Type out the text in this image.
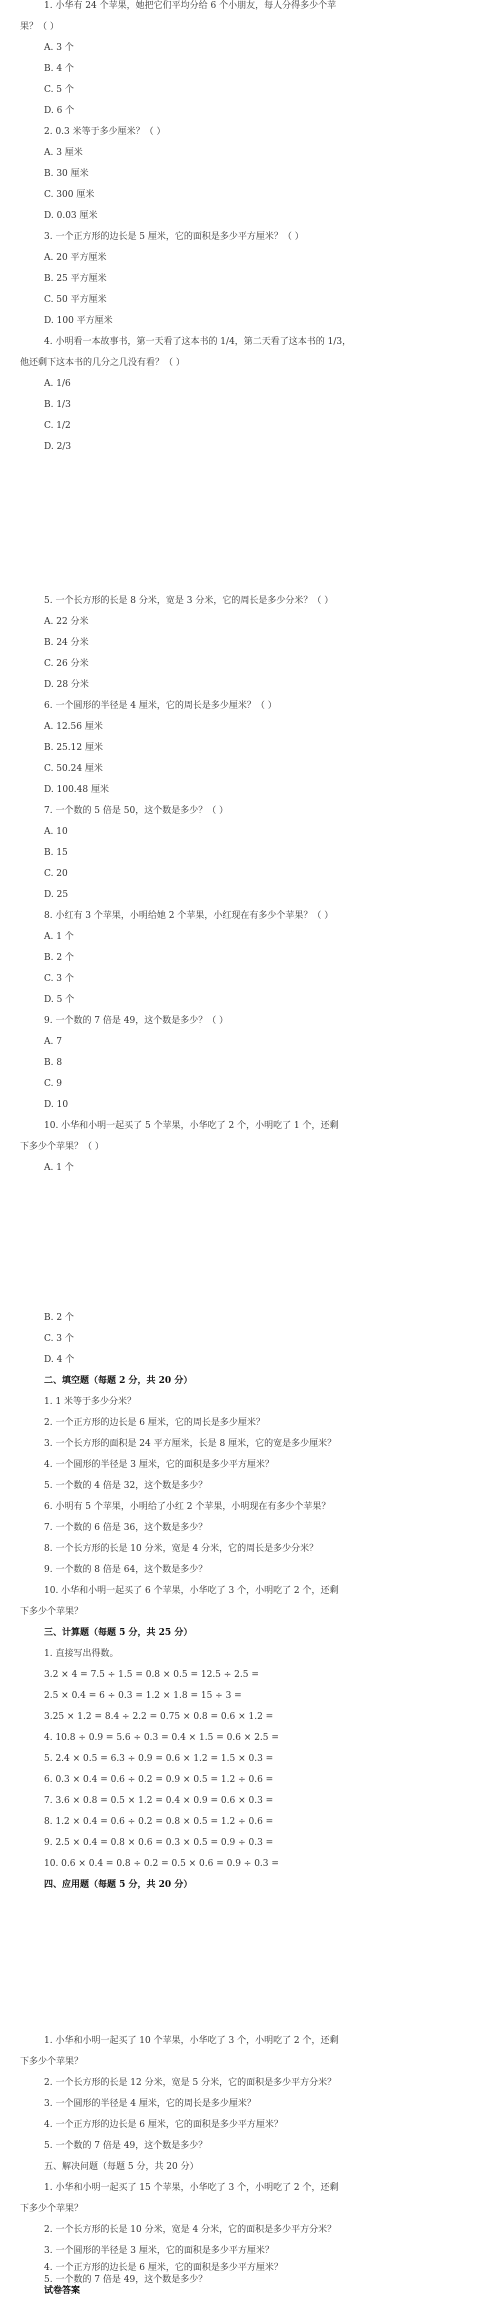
1. 小华有 24 个苹果，她把它们平均分给 6 个小朋友，每人分得多少个苹
果？（ ）
A. 3 个
B. 4 个
C. 5 个
D. 6 个
2. 0.3 米等于多少厘米？（ ）
A. 3 厘米
B. 30 厘米
C. 300 厘米
D. 0.03 厘米
3. 一个正方形的边长是 5 厘米，它的面积是多少平方厘米？（ ）
A. 20 平方厘米
B. 25 平方厘米
C. 50 平方厘米
D. 100 平方厘米
4. 小明看一本故事书，第一天看了这本书的 1/4，第二天看了这本书的 1/3，
他还剩下这本书的几分之几没有看？（ ）
A. 1/6
B. 1/3
C. 1/2
D. 2/3
5. 一个长方形的长是 8 分米，宽是 3 分米，它的周长是多少分米？（ ）
A. 22 分米
B. 24 分米
C. 26 分米
D. 28 分米
6. 一个圆形的半径是 4 厘米，它的周长是多少厘米？（ ）
A. 12.56 厘米
B. 25.12 厘米
C. 50.24 厘米
D. 100.48 厘米
7. 一个数的 5 倍是 50，这个数是多少？（ ）
A. 10
B. 15
C. 20
D. 25
8. 小红有 3 个苹果，小明给她 2 个苹果，小红现在有多少个苹果？（ ）
A. 1 个
B. 2 个
C. 3 个
D. 5 个
9. 一个数的 7 倍是 49，这个数是多少？（ ）
A. 7
B. 8
C. 9
D. 10
10. 小华和小明一起买了 5 个苹果，小华吃了 2 个，小明吃了 1 个，还剩
下多少个苹果？（ ）
A. 1 个
B. 2 个
C. 3 个
D. 4 个
二、填空题（每题 2 分，共 20 分）
1. 1 米等于多少分米？
2. 一个正方形的边长是 6 厘米，它的周长是多少厘米？
3. 一个长方形的面积是 24 平方厘米，长是 8 厘米，它的宽是多少厘米？
4. 一个圆形的半径是 3 厘米，它的面积是多少平方厘米？
5. 一个数的 4 倍是 32，这个数是多少？
6. 小明有 5 个苹果，小明给了小红 2 个苹果，小明现在有多少个苹果？
7. 一个数的 6 倍是 36，这个数是多少？
8. 一个长方形的长是 10 分米，宽是 4 分米，它的周长是多少分米？
9. 一个数的 8 倍是 64，这个数是多少？
10. 小华和小明一起买了 6 个苹果，小华吃了 3 个，小明吃了 2 个，还剩
下多少个苹果？
三、计算题（每题 5 分，共 25 分）
1. 直接写出得数。
3.2 × 4 = 7.5 ÷ 1.5 = 0.8 × 0.5 = 12.5 ÷ 2.5 =
2.5 × 0.4 = 6 ÷ 0.3 = 1.2 × 1.8 = 15 ÷ 3 =
3.25 × 1.2 = 8.4 ÷ 2.2 = 0.75 × 0.8 = 0.6 × 1.2 =
4. 10.8 ÷ 0.9 = 5.6 ÷ 0.3 = 0.4 × 1.5 = 0.6 × 2.5 =
5. 2.4 × 0.5 = 6.3 ÷ 0.9 = 0.6 × 1.2 = 1.5 × 0.3 =
6. 0.3 × 0.4 = 0.6 ÷ 0.2 = 0.9 × 0.5 = 1.2 ÷ 0.6 =
7. 3.6 × 0.8 = 0.5 × 1.2 = 0.4 × 0.9 = 0.6 × 0.3 =
8. 1.2 × 0.4 = 0.6 ÷ 0.2 = 0.8 × 0.5 = 1.2 ÷ 0.6 =
9. 2.5 × 0.4 = 0.8 × 0.6 = 0.3 × 0.5 = 0.9 ÷ 0.3 =
10. 0.6 × 0.4 = 0.8 ÷ 0.2 = 0.5 × 0.6 = 0.9 ÷ 0.3 =
四、应用题（每题 5 分，共 20 分）
1. 小华和小明一起买了 10 个苹果，小华吃了 3 个，小明吃了 2 个，还剩
下多少个苹果？
2. 一个长方形的长是 12 分米，宽是 5 分米，它的面积是多少平方分米？
3. 一个圆形的半径是 4 厘米，它的周长是多少厘米？
4. 一个正方形的边长是 6 厘米，它的面积是多少平方厘米？
5. 一个数的 7 倍是 49，这个数是多少？
五、解决问题（每题 5 分，共 20 分）
1. 小华和小明一起买了 15 个苹果，小华吃了 3 个，小明吃了 2 个，还剩
下多少个苹果？
2. 一个长方形的长是 10 分米，宽是 4 分米，它的面积是多少平方分米？
3. 一个圆形的半径是 3 厘米，它的面积是多少平方厘米？
4. 一个正方形的边长是 6 厘米，它的面积是多少平方厘米？
5. 一个数的 7 倍是 49，这个数是多少？
试卷答案
